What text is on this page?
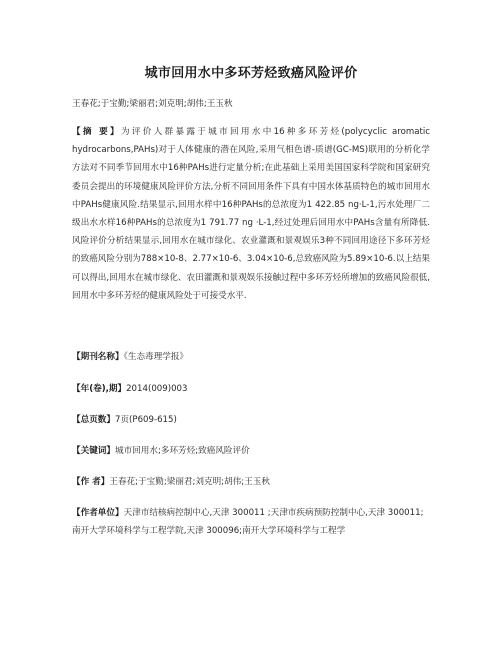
城市回用水中多环芳烃致癌风险评价
王春花;于宝勤;梁丽君;刘克明;胡伟;王玉秋
【摘 要】为评价人群暴露于城市回用水中16种多环芳烃(polycyclic aromatic hydrocarbons,PAHs)对于人体健康的潜在风险,采用气相色谱-质谱(GC-MS)联用的分析化学方法对不同季节回用水中16种PAHs进行定量分析;在此基础上采用美国国家科学院和国家研究委员会提出的环境健康风险评价方法,分析不同回用条件下具有中国水体基质特色的城市回用水中PAHs健康风险.结果显示,回用水样中16种PAHs的总浓度为1 422.85 ng·L-1,污水处理厂二级出水水样16种PAHs的总浓度为1 791.77 ng ·L-1,经过处理后回用水中PAHs含量有所降低.风险评价分析结果显示,回用水在城市绿化、农业灌溉和景观娱乐3种不同回用途径下多环芳烃的致癌风险分别为788×10-8、2.77×10-6、3.04×10-6,总致癌风险为5.89×10-6.以上结果可以得出,回用水在城市绿化、农田灌溉和景观娱乐接触过程中多环芳烃所增加的致癌风险很低,回用水中多环芳烃的健康风险处于可接受水平.
【期刊名称】《生态毒理学报》
【年(卷),期】2014(009)003
【总页数】7页(P609-615)
【关键词】城市回用水;多环芳烃;致癌风险评价
【作 者】王春花;于宝勤;梁丽君;刘克明;胡伟;王玉秋
【作者单位】天津市结核病控制中心,天津 300011 ;天津市疾病预防控制中心,天津 300011;南开大学环境科学与工程学院,天津 300096;南开大学环境科学与工程学
